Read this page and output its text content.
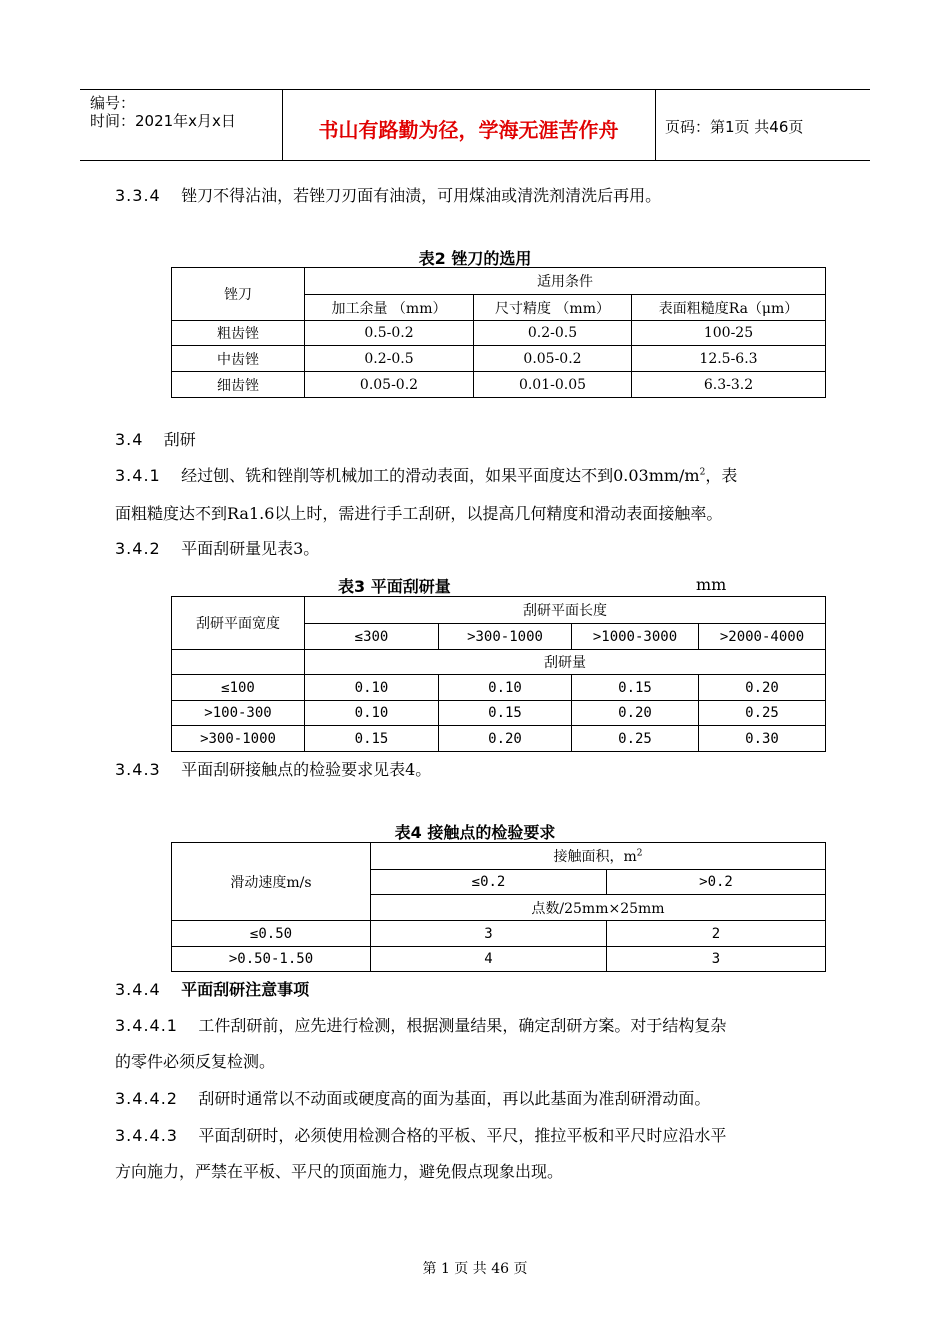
编号：
时间：2021年x月x日	书山有路勤为径，学海无涯苦作舟	页码：第1页 共46页
3.3.4 锉刀不得沾油，若锉刀刃面有油渍，可用煤油或清洗剂清洗后再用。
表2 锉刀的选用
锉刀	适用条件		
	加工余量 （mm）	尺寸精度 （mm）	表面粗糙度Ra（μm）
粗齿锉	0.5-0.2	0.2-0.5	100-25
中齿锉	0.2-0.5	0.05-0.2	12.5-6.3
细齿锉	0.05-0.2	0.01-0.05	6.3-3.2
3.4 刮研
3.4.1 经过刨、铣和锉削等机械加工的滑动表面，如果平面度达不到$0.03mm/m^2$，表
面粗糙度达不到Ra1.6以上时，需进行手工刮研，以提高几何精度和滑动表面接触率。
3.4.2 平面刮研量见表3。
表3 平面刮研量	mm
刮研平面宽度	刮研平面长度			
	≤300	>300-1000	>1000-3000	>2000-4000
	刮研量			
≤100	0.10	0.10	0.15	0.20
>100-300	0.10	0.15	0.20	0.25
>300-1000	0.15	0.20	0.25	0.30
3.4.3 平面刮研接触点的检验要求见表4。
表4 接触点的检验要求
滑动速度m/s	接触面积，$m^2$
	≤0.2	>0.2
	点数/25mm×25mm	
≤0.50	3	2
>0.50-1.50	4	3
3.4.4 平面刮研注意事项
3.4.4.1 工件刮研前，应先进行检测，根据测量结果，确定刮研方案。对于结构复杂
的零件必须反复检测。
3.4.4.2 刮研时通常以不动面或硬度高的面为基面，再以此基面为准刮研滑动面。
3.4.4.3 平面刮研时，必须使用检测合格的平板、平尺，推拉平板和平尺时应沿水平
方向施力，严禁在平板、平尺的顶面施力，避免假点现象出现。
第 1 页 共 46 页
